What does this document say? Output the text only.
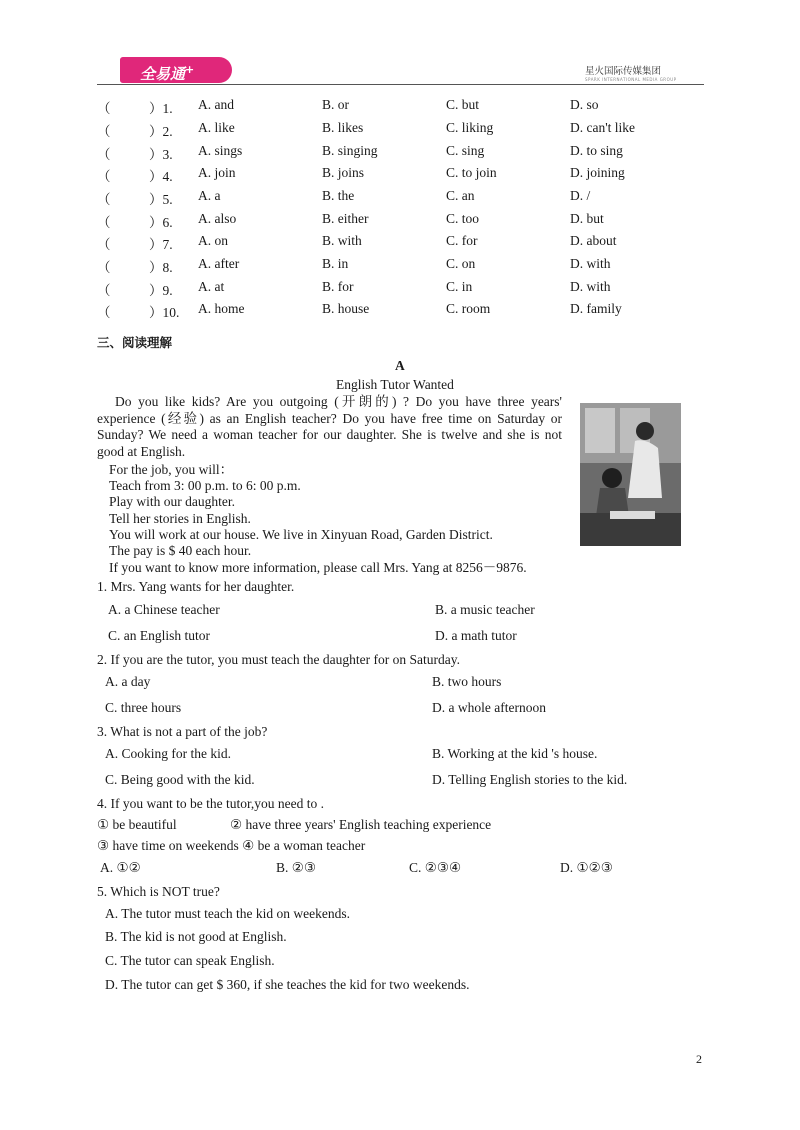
全易通+	星火国际传媒集团
SPARK INTERNATIONAL MEDIA GROUP
（	）1. A. and	B. or	C. but	D. so
（	）2. A. like	B. likes	C. liking	D. can't like
（	）3. A. sings	B. singing	C. sing	D. to sing
（	）4. A. join	B. joins	C. to join	D. joining
（	）5. A. a	B. the	C. an	D. /
（	）6. A. also	B. either	C. too	D. but
（	）7. A. on	B. with	C. for	D. about
（	）8. A. after	B. in	C. on	D. with
（	）9. A. at	B. for	C. in	D. with
（	）10. A. home	B. house	C. room	D. family
三、阅读理解
A
English Tutor Wanted
Do you like kids? Are you outgoing (开朗的) ? Do you have three years' experience (经验) as an English teacher? Do you have free time on Saturday or Sunday? We need a woman teacher for our daughter. She is twelve and she is not good at English.
For the job, you will：
Teach from 3: 00 p.m. to 6: 00 p.m.
Play with our daughter.
Tell her stories in English.
You will work at our house. We live in Xinyuan Road, Garden District.
The pay is $ 40 each hour.
If you want to know more information, please call Mrs. Yang at 8256－9876.
1. Mrs. Yang wants for her daughter.
A. a Chinese teacher	B. a music teacher
C. an English tutor	D. a math tutor
2. If you are the tutor, you must teach the daughter for on Saturday.
A. a day	B. two hours
C. three hours	D. a whole afternoon
3. What is not a part of the job?
A. Cooking for the kid.	B. Working at the kid 's house.
C. Being good with the kid.	D. Telling English stories to the kid.
4. If you want to be the tutor,you need to .
① be beautiful	② have three years' English teaching experience
③ have time on weekends ④ be a woman teacher
A. ①②	B. ②③	C. ②③④	D. ①②③
5. Which is NOT true?
A. The tutor must teach the kid on weekends.
B. The kid is not good at English.
C. The tutor can speak English.
D. The tutor can get $ 360, if she teaches the kid for two weekends.
2
